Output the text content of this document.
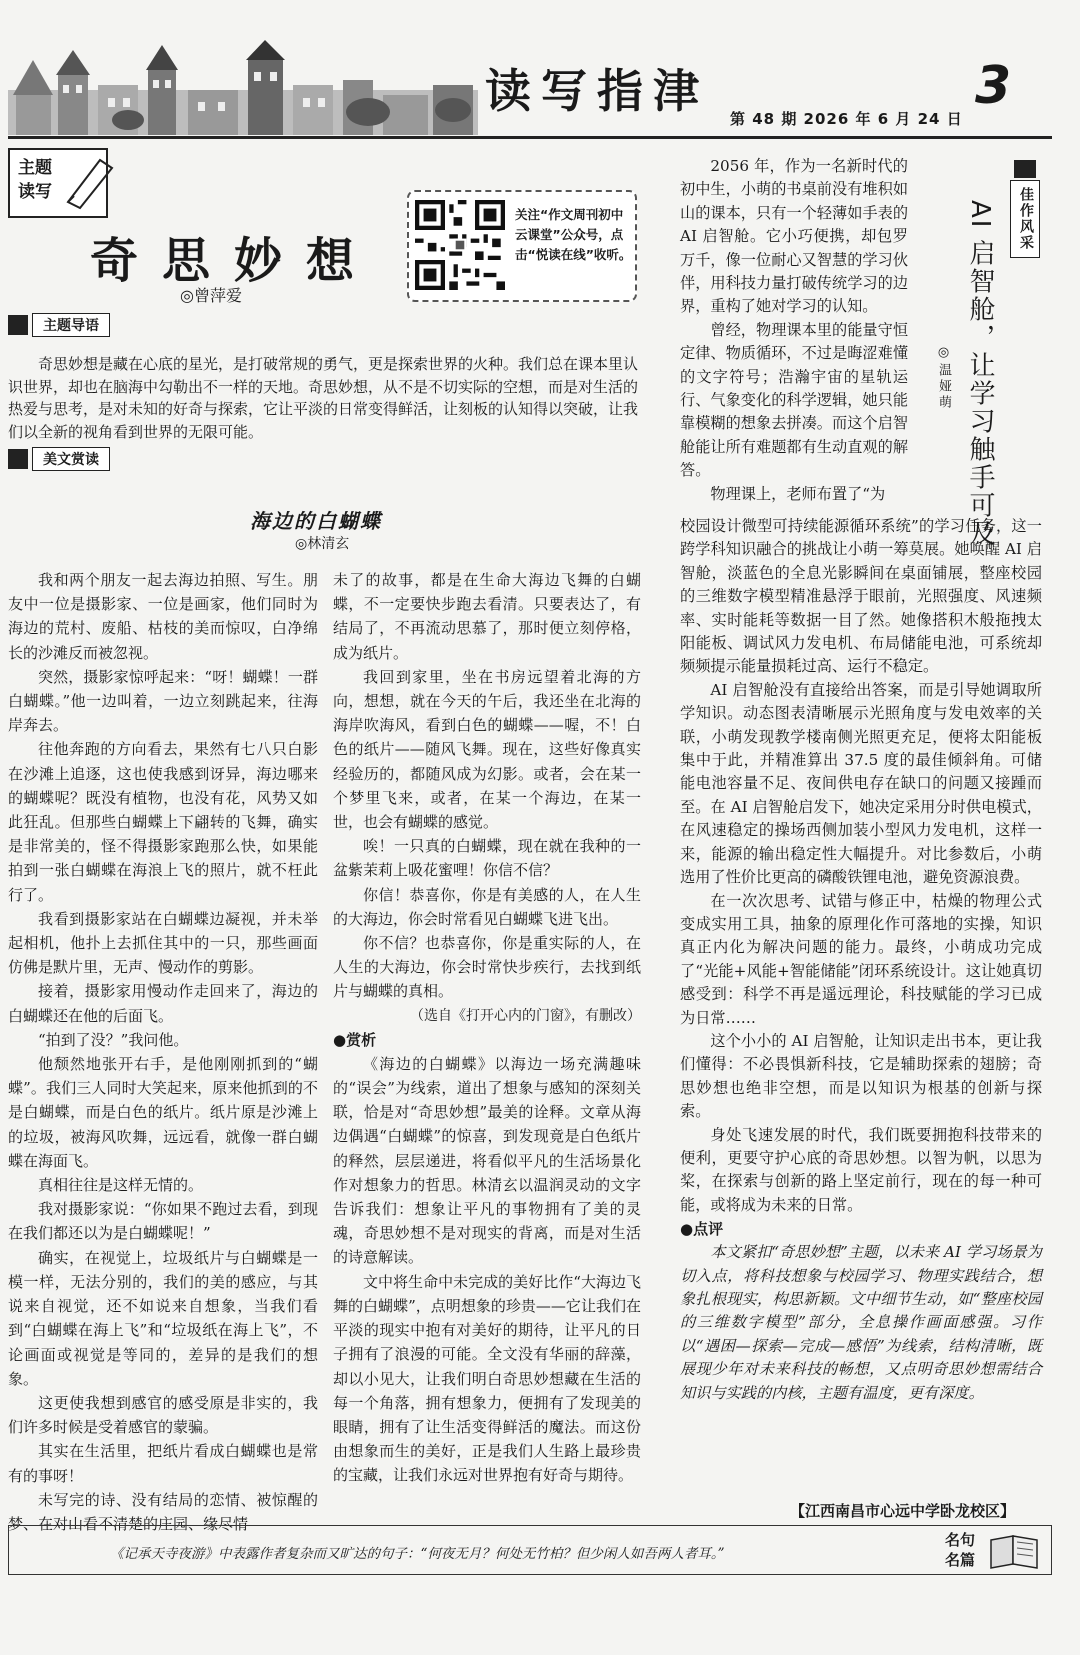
读写指津
第 48 期 2026 年 6 月 24 日
3
主题
读写
奇思妙想
◎曾萍爱
关注“作文周刊初中云课堂”公众号，点击“悦读在线”收听。
主题导语
奇思妙想是藏在心底的星光，是打破常规的勇气，更是探索世界的火种。我们总在课本里认识世界，却也在脑海中勾勒出不一样的天地。奇思妙想，从不是不切实际的空想，而是对生活的热爱与思考，是对未知的好奇与探索，它让平淡的日常变得鲜活，让刻板的认知得以突破，让我们以全新的视角看到世界的无限可能。
美文赏读
海边的白蝴蝶
◎林清玄

我和两个朋友一起去海边拍照、写生。朋友中一位是摄影家、一位是画家，他们同时为海边的荒村、废船、枯枝的美而惊叹，白净绵长的沙滩反而被忽视。

突然，摄影家惊呼起来：“呀！蝴蝶！一群白蝴蝶。”他一边叫着，一边立刻跳起来，往海岸奔去。

往他奔跑的方向看去，果然有七八只白影在沙滩上追逐，这也使我感到讶异，海边哪来的蝴蝶呢？既没有植物，也没有花，风势又如此狂乱。但那些白蝴蝶上下翩转的飞舞，确实是非常美的，怪不得摄影家跑那么快，如果能拍到一张白蝴蝶在海浪上飞的照片，就不枉此行了。

我看到摄影家站在白蝴蝶边凝视，并未举起相机，他扑上去抓住其中的一只，那些画面仿佛是默片里，无声、慢动作的剪影。

接着，摄影家用慢动作走回来了，海边的白蝴蝶还在他的后面飞。

“拍到了没？”我问他。

他颓然地张开右手，是他刚刚抓到的“蝴蝶”。我们三人同时大笑起来，原来他抓到的不是白蝴蝶，而是白色的纸片。纸片原是沙滩上的垃圾，被海风吹舞，远远看，就像一群白蝴蝶在海面飞。

真相往往是这样无情的。

我对摄影家说：“你如果不跑过去看，到现在我们都还以为是白蝴蝶呢！”

确实，在视觉上，垃圾纸片与白蝴蝶是一模一样，无法分别的，我们的美的感应，与其说来自视觉，还不如说来自想象，当我们看到“白蝴蝶在海上飞”和“垃圾纸在海上飞”，不论画面或视觉是等同的，差异的是我们的想象。

这更使我想到感官的感受原是非实的，我们许多时候是受着感官的蒙骗。

其实在生活里，把纸片看成白蝴蝶也是常有的事呀！

未写完的诗、没有结局的恋情、被惊醒的梦、在对山看不清楚的庄园、缘尽情

未了的故事，都是在生命大海边飞舞的白蝴蝶，不一定要快步跑去看清。只要表达了，有结局了，不再流动思慕了，那时便立刻停格，成为纸片。

我回到家里，坐在书房远望着北海的方向，想想，就在今天的午后，我还坐在北海的海岸吹海风，看到白色的蝴蝶——喔，不！白色的纸片——随风飞舞。现在，这些好像真实经验历的，都随风成为幻影。或者，会在某一个梦里飞来，或者，在某一个海边，在某一世，也会有蝴蝶的感觉。

唉！一只真的白蝴蝶，现在就在我种的一盆紫茉莉上吸花蜜哩！你信不信？

你信！恭喜你，你是有美感的人，在人生的大海边，你会时常看见白蝴蝶飞进飞出。

你不信？也恭喜你，你是重实际的人，在人生的大海边，你会时常快步疾行，去找到纸片与蝴蝶的真相。

（选自《打开心内的门窗》，有删改）

●赏析

《海边的白蝴蝶》以海边一场充满趣味的“误会”为线索，道出了想象与感知的深刻关联，恰是对“奇思妙想”最美的诠释。文章从海边偶遇“白蝴蝶”的惊喜，到发现竟是白色纸片的释然，层层递进，将看似平凡的生活场景化作对想象力的哲思。林清玄以温润灵动的文字告诉我们：想象让平凡的事物拥有了美的灵魂，奇思妙想不是对现实的背离，而是对生活的诗意解读。

文中将生命中未完成的美好比作“大海边飞舞的白蝴蝶”，点明想象的珍贵——它让我们在平淡的现实中抱有对美好的期待，让平凡的日子拥有了浪漫的可能。全文没有华丽的辞藻，却以小见大，让我们明白奇思妙想藏在生活的每一个角落，拥有想象力，便拥有了发现美的眼睛，拥有了让生活变得鲜活的魔法。而这份由想象而生的美好，正是我们人生路上最珍贵的宝藏，让我们永远对世界抱有好奇与期待。

佳作风采
AI 启智舱，让学习触手可及
◎温娅萌

2056 年，作为一名新时代的初中生，小萌的书桌前没有堆积如山的课本，只有一个轻薄如手表的 AI 启智舱。它小巧便携，却包罗万千，像一位耐心又智慧的学习伙伴，用科技力量打破传统学习的边界，重构了她对学习的认知。

曾经，物理课本里的能量守恒定律、物质循环，不过是晦涩难懂的文字符号；浩瀚宇宙的星轨运行、气象变化的科学逻辑，她只能靠模糊的想象去拼凑。而这个启智舱能让所有难题都有生动直观的解答。

物理课上，老师布置了“为

校园设计微型可持续能源循环系统”的学习任务，这一跨学科知识融合的挑战让小萌一筹莫展。她唤醒 AI 启智舱，淡蓝色的全息光影瞬间在桌面铺展，整座校园的三维数字模型精准悬浮于眼前，光照强度、风速频率、实时能耗等数据一目了然。她像搭积木般拖拽太阳能板、调试风力发电机、布局储能电池，可系统却频频提示能量损耗过高、运行不稳定。

AI 启智舱没有直接给出答案，而是引导她调取所学知识。动态图表清晰展示光照角度与发电效率的关联，小萌发现教学楼南侧光照更充足，便将太阳能板集中于此，并精准算出 37.5 度的最佳倾斜角。可储能电池容量不足、夜间供电存在缺口的问题又接踵而至。在 AI 启智舱启发下，她决定采用分时供电模式，在风速稳定的操场西侧加装小型风力发电机，这样一来，能源的输出稳定性大幅提升。对比参数后，小萌选用了性价比更高的磷酸铁锂电池，避免资源浪费。

在一次次思考、试错与修正中，枯燥的物理公式变成实用工具，抽象的原理化作可落地的实操，知识真正内化为解决问题的能力。最终，小萌成功完成了“光能+风能+智能储能”闭环系统设计。这让她真切感受到：科学不再是遥远理论，科技赋能的学习已成为日常……

这个小小的 AI 启智舱，让知识走出书本，更让我们懂得：不必畏惧新科技，它是辅助探索的翅膀；奇思妙想也绝非空想，而是以知识为根基的创新与探索。

身处飞速发展的时代，我们既要拥抱科技带来的便利，更要守护心底的奇思妙想。以智为帆，以思为桨，在探索与创新的路上坚定前行，现在的每一种可能，或将成为未来的日常。

●点评

本文紧扣“奇思妙想”主题，以未来 AI 学习场景为切入点，将科技想象与校园学习、物理实践结合，想象扎根现实，构思新颖。文中细节生动，如“整座校园的三维数字模型”部分，全息操作画面感强。习作以“遇困—探索—完成—感悟”为线索，结构清晰，既展现少年对未来科技的畅想，又点明奇思妙想需结合知识与实践的内核，主题有温度，更有深度。

【江西南昌市心远中学卧龙校区】
《记承天寺夜游》中表露作者复杂而又旷达的句子：“何夜无月？何处无竹柏？但少闲人如吾两人者耳。”
名句
名篇
